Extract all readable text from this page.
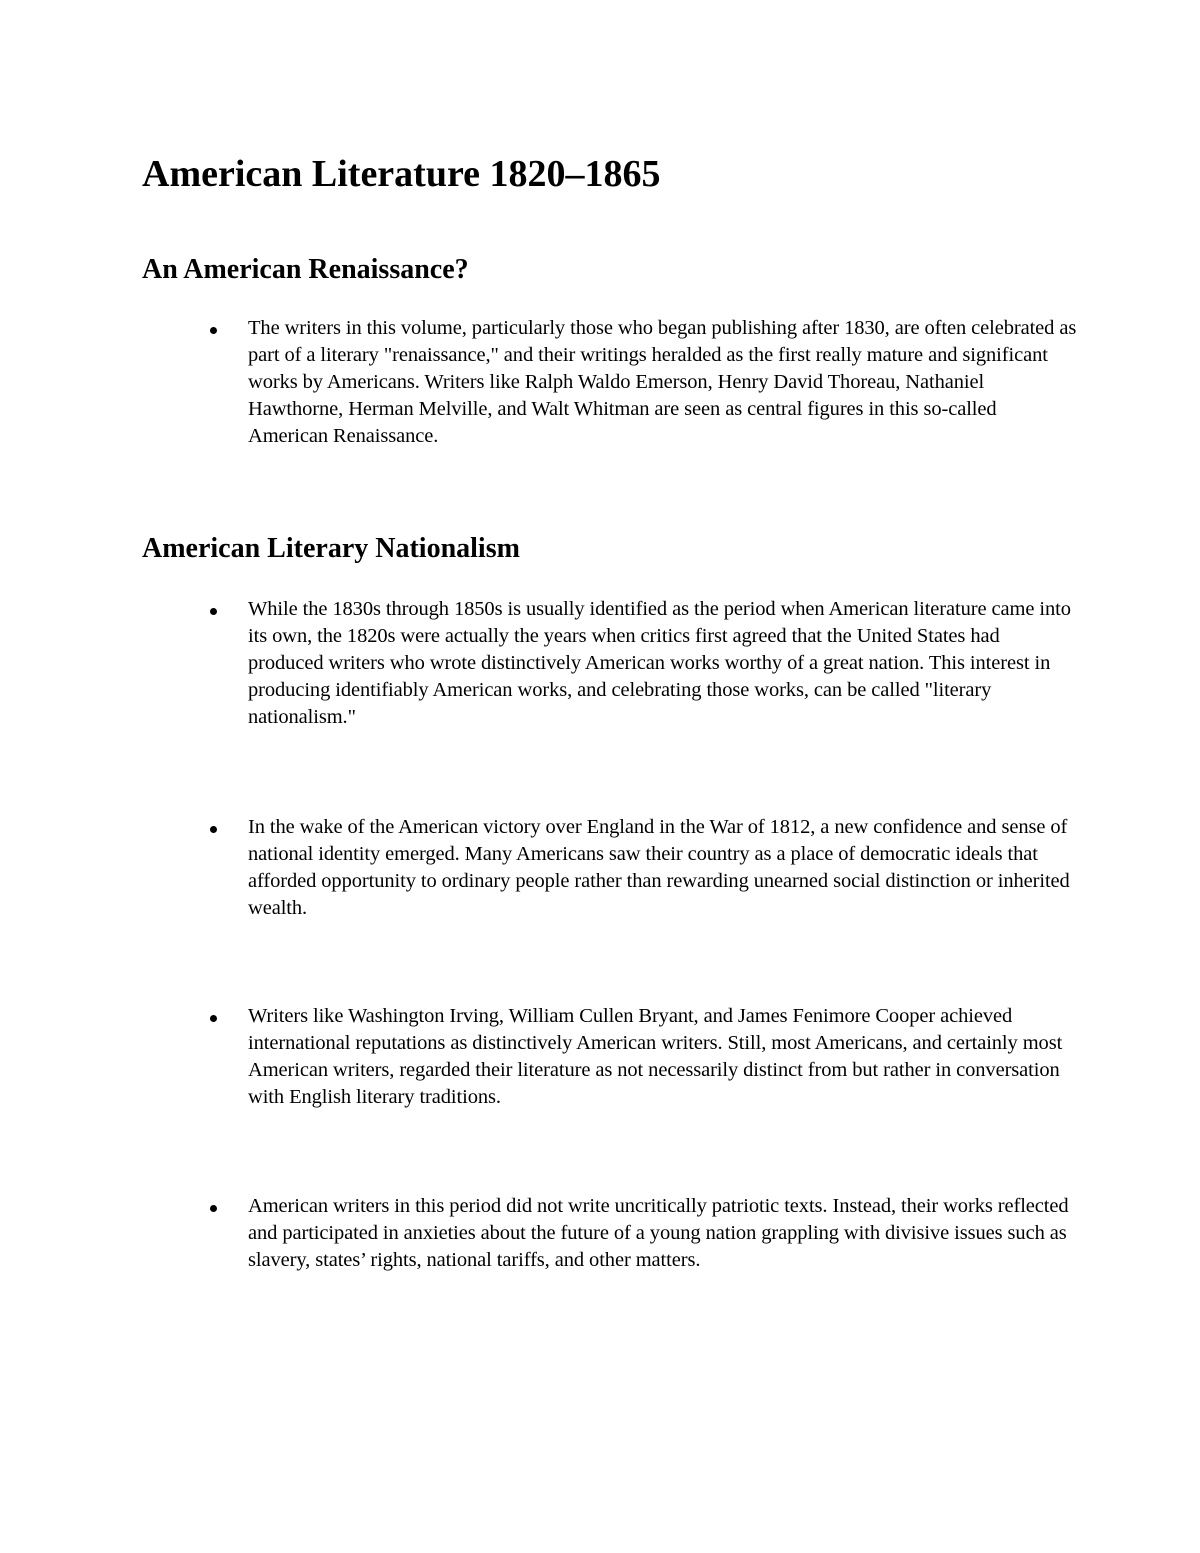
American Literature 1820–1865
An American Renaissance?

The writers in this volume, particularly those who began publishing after 1830, are often celebrated as part of a literary "renaissance," and their writings heralded as the first really mature and significant works by Americans. Writers like Ralph Waldo Emerson, Henry David Thoreau, Nathaniel Hawthorne, Herman Melville, and Walt Whitman are seen as central figures in this so-called American Renaissance.

American Literary Nationalism

While the 1830s through 1850s is usually identified as the period when American literature came into its own, the 1820s were actually the years when critics first agreed that the United States had produced writers who wrote distinctively American works worthy of a great nation. This interest in producing identifiably American works, and celebrating those works, can be called "literary nationalism."

In the wake of the American victory over England in the War of 1812, a new confidence and sense of national identity emerged. Many Americans saw their country as a place of democratic ideals that afforded opportunity to ordinary people rather than rewarding unearned social distinction or inherited wealth.

Writers like Washington Irving, William Cullen Bryant, and James Fenimore Cooper achieved international reputations as distinctively American writers. Still, most Americans, and certainly most American writers, regarded their literature as not necessarily distinct from but rather in conversation with English literary traditions.

American writers in this period did not write uncritically patriotic texts. Instead, their works reflected and participated in anxieties about the future of a young nation grappling with divisive issues such as slavery, states’ rights, national tariffs, and other matters.
